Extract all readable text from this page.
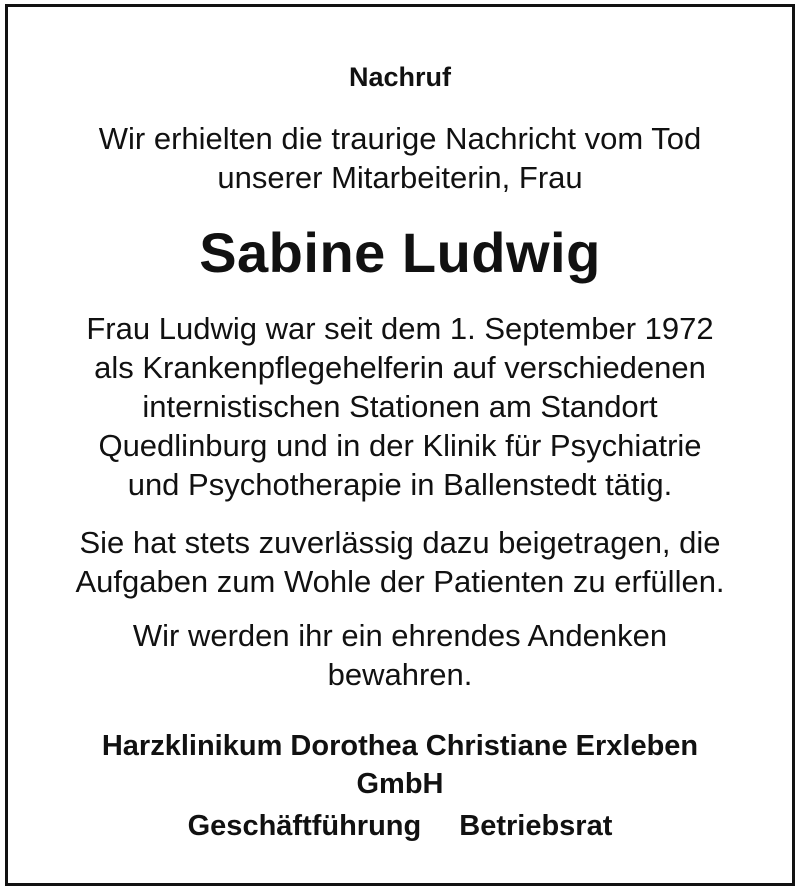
Nachruf
Wir erhielten die traurige Nachricht vom Tod
unserer Mitarbeiterin, Frau
Sabine Ludwig
Frau Ludwig war seit dem 1. September 1972
als Krankenpflegehelferin auf verschiedenen
internistischen Stationen am Standort
Quedlinburg und in der Klinik für Psychiatrie
und Psychotherapie in Ballenstedt tätig.
Sie hat stets zuverlässig dazu beigetragen, die
Aufgaben zum Wohle der Patienten zu erfüllen.
Wir werden ihr ein ehrendes Andenken
bewahren.
Harzklinikum Dorothea Christiane Erxleben
GmbH
Geschäftführung Betriebsrat
